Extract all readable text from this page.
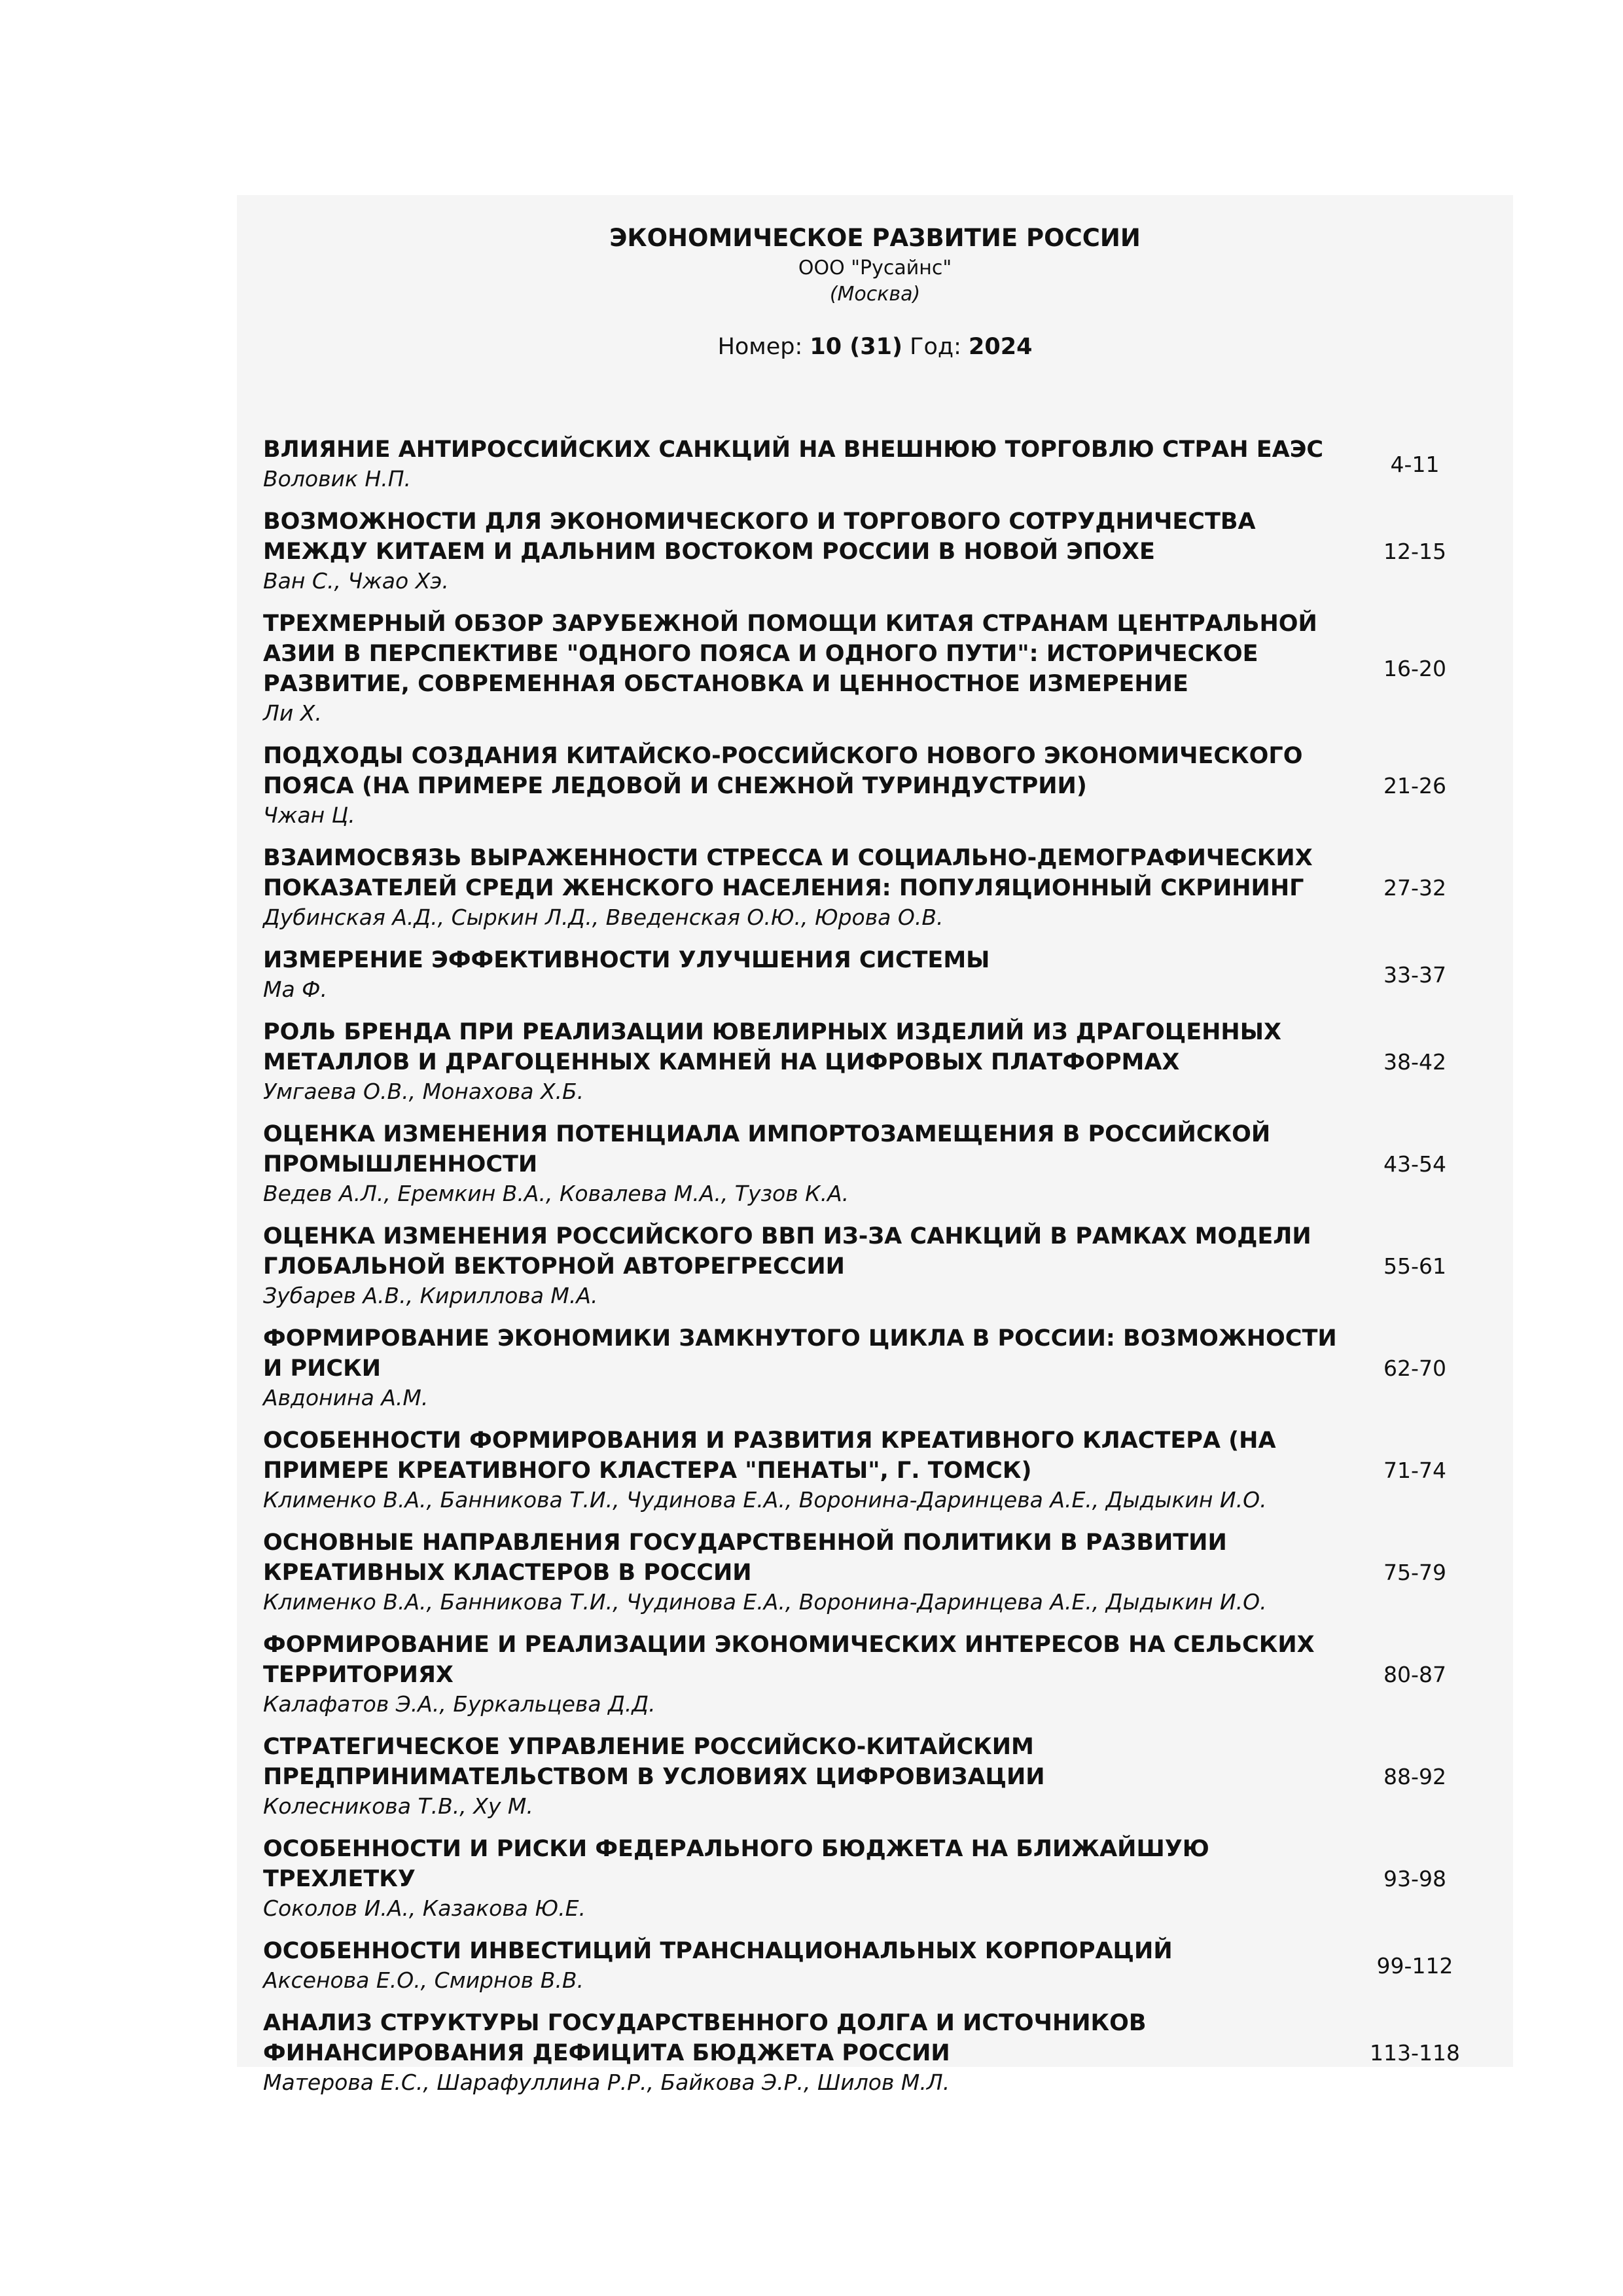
ЭКОНОМИЧЕСКОЕ РАЗВИТИЕ РОССИИ
ООО "Русайнс"
(Москва)
Номер: 10 (31) Год: 2024

ВЛИЯНИЕ АНТИРОССИЙСКИХ САНКЦИЙ НА ВНЕШНЮЮ ТОРГОВЛЮ СТРАН ЕАЭС

Воловик Н.П.

4-11

ВОЗМОЖНОСТИ ДЛЯ ЭКОНОМИЧЕСКОГО И ТОРГОВОГО СОТРУДНИЧЕСТВА МЕЖДУ КИТАЕМ И ДАЛЬНИМ ВОСТОКОМ РОССИИ В НОВОЙ ЭПОХЕ

Ван С., Чжао Хэ.

12-15

ТРЕХМЕРНЫЙ ОБЗОР ЗАРУБЕЖНОЙ ПОМОЩИ КИТАЯ СТРАНАМ ЦЕНТРАЛЬНОЙ АЗИИ В ПЕРСПЕКТИВЕ "ОДНОГО ПОЯСА И ОДНОГО ПУТИ": ИСТОРИЧЕСКОЕ РАЗВИТИЕ, СОВРЕМЕННАЯ ОБСТАНОВКА И ЦЕННОСТНОЕ ИЗМЕРЕНИЕ

Ли Х.

16-20

ПОДХОДЫ СОЗДАНИЯ КИТАЙСКО-РОССИЙСКОГО НОВОГО ЭКОНОМИЧЕСКОГО ПОЯСА (НА ПРИМЕРЕ ЛЕДОВОЙ И СНЕЖНОЙ ТУРИНДУСТРИИ)

Чжан Ц.

21-26

ВЗАИМОСВЯЗЬ ВЫРАЖЕННОСТИ СТРЕССА И СОЦИАЛЬНО-ДЕМОГРАФИЧЕСКИХ ПОКАЗАТЕЛЕЙ СРЕДИ ЖЕНСКОГО НАСЕЛЕНИЯ: ПОПУЛЯЦИОННЫЙ СКРИНИНГ

Дубинская А.Д., Сыркин Л.Д., Введенская О.Ю., Юрова О.В.

27-32

ИЗМЕРЕНИЕ ЭФФЕКТИВНОСТИ УЛУЧШЕНИЯ СИСТЕМЫ

Ма Ф.

33-37

РОЛЬ БРЕНДА ПРИ РЕАЛИЗАЦИИ ЮВЕЛИРНЫХ ИЗДЕЛИЙ ИЗ ДРАГОЦЕННЫХ МЕТАЛЛОВ И ДРАГОЦЕННЫХ КАМНЕЙ НА ЦИФРОВЫХ ПЛАТФОРМАХ

Умгаева О.В., Монахова Х.Б.

38-42

ОЦЕНКА ИЗМЕНЕНИЯ ПОТЕНЦИАЛА ИМПОРТОЗАМЕЩЕНИЯ В РОССИЙСКОЙ ПРОМЫШЛЕННОСТИ

Ведев А.Л., Еремкин В.А., Ковалева М.А., Тузов К.А.

43-54

ОЦЕНКА ИЗМЕНЕНИЯ РОССИЙСКОГО ВВП ИЗ-ЗА САНКЦИЙ В РАМКАХ МОДЕЛИ ГЛОБАЛЬНОЙ ВЕКТОРНОЙ АВТОРЕГРЕССИИ

Зубарев А.В., Кириллова М.А.

55-61

ФОРМИРОВАНИЕ ЭКОНОМИКИ ЗАМКНУТОГО ЦИКЛА В РОССИИ: ВОЗМОЖНОСТИ И РИСКИ

Авдонина А.М.

62-70

ОСОБЕННОСТИ ФОРМИРОВАНИЯ И РАЗВИТИЯ КРЕАТИВНОГО КЛАСТЕРА (НА ПРИМЕРЕ КРЕАТИВНОГО КЛАСТЕРА "ПЕНАТЫ", Г. ТОМСК)

Клименко В.А., Банникова Т.И., Чудинова Е.А., Воронина-Даринцева А.Е., Дыдыкин И.О.

71-74

ОСНОВНЫЕ НАПРАВЛЕНИЯ ГОСУДАРСТВЕННОЙ ПОЛИТИКИ В РАЗВИТИИ КРЕАТИВНЫХ КЛАСТЕРОВ В РОССИИ

Клименко В.А., Банникова Т.И., Чудинова Е.А., Воронина-Даринцева А.Е., Дыдыкин И.О.

75-79

ФОРМИРОВАНИЕ И РЕАЛИЗАЦИИ ЭКОНОМИЧЕСКИХ ИНТЕРЕСОВ НА СЕЛЬСКИХ ТЕРРИТОРИЯХ

Калафатов Э.А., Буркальцева Д.Д.

80-87

СТРАТЕГИЧЕСКОЕ УПРАВЛЕНИЕ РОССИЙСКО-КИТАЙСКИМ ПРЕДПРИНИМАТЕЛЬСТВОМ В УСЛОВИЯХ ЦИФРОВИЗАЦИИ

Колесникова Т.В., Ху М.

88-92

ОСОБЕННОСТИ И РИСКИ ФЕДЕРАЛЬНОГО БЮДЖЕТА НА БЛИЖАЙШУЮ ТРЕХЛЕТКУ

Соколов И.А., Казакова Ю.Е.

93-98

ОСОБЕННОСТИ ИНВЕСТИЦИЙ ТРАНСНАЦИОНАЛЬНЫХ КОРПОРАЦИЙ

Аксенова Е.О., Смирнов В.В.

99-112

АНАЛИЗ СТРУКТУРЫ ГОСУДАРСТВЕННОГО ДОЛГА И ИСТОЧНИКОВ ФИНАНСИРОВАНИЯ ДЕФИЦИТА БЮДЖЕТА РОССИИ

Матерова Е.С., Шарафуллина Р.Р., Байкова Э.Р., Шилов М.Л.

113-118
